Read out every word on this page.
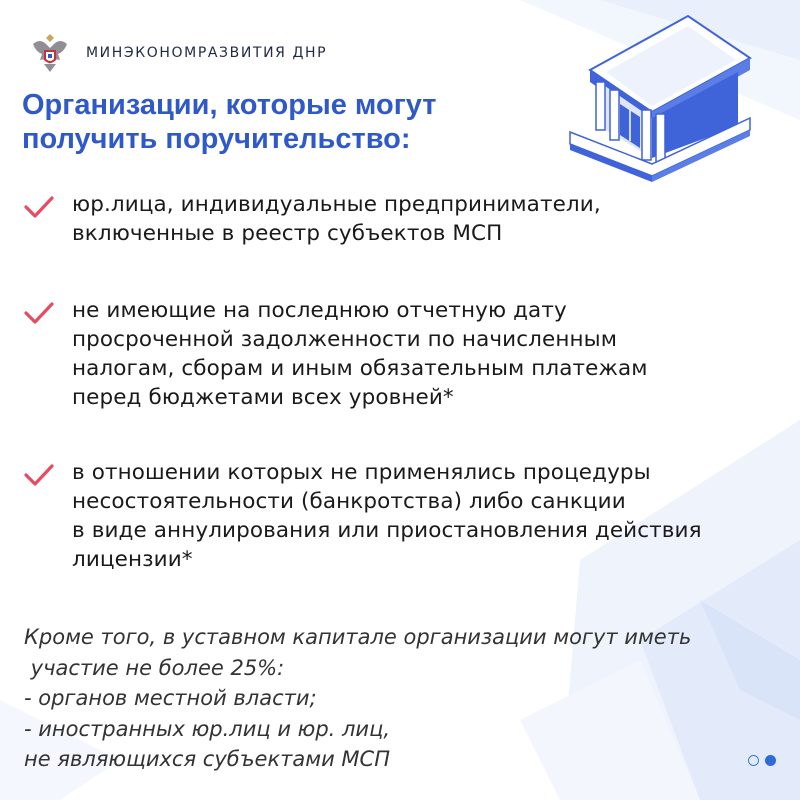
МИНЭКОНОМРАЗВИТИЯ ДНР
Организации, которые могут
получить поручительство:

юр.лица, индивидуальные предприниматели,
включенные в реестр субъектов МСП

не имеющие на последнюю отчетную дату
просроченной задолженности по начисленным
налогам, сборам и иным обязательным платежам
перед бюджетами всех уровней*

в отношении которых не применялись процедуры
несостоятельности (банкротства) либо санкции
в виде аннулирования или приостановления действия
лицензии*

Кроме того, в уставном капитале организации могут иметь
участие не более 25%:
- органов местной власти;
- иностранных юр.лиц и юр. лиц,
не являющихся субъектами МСП
